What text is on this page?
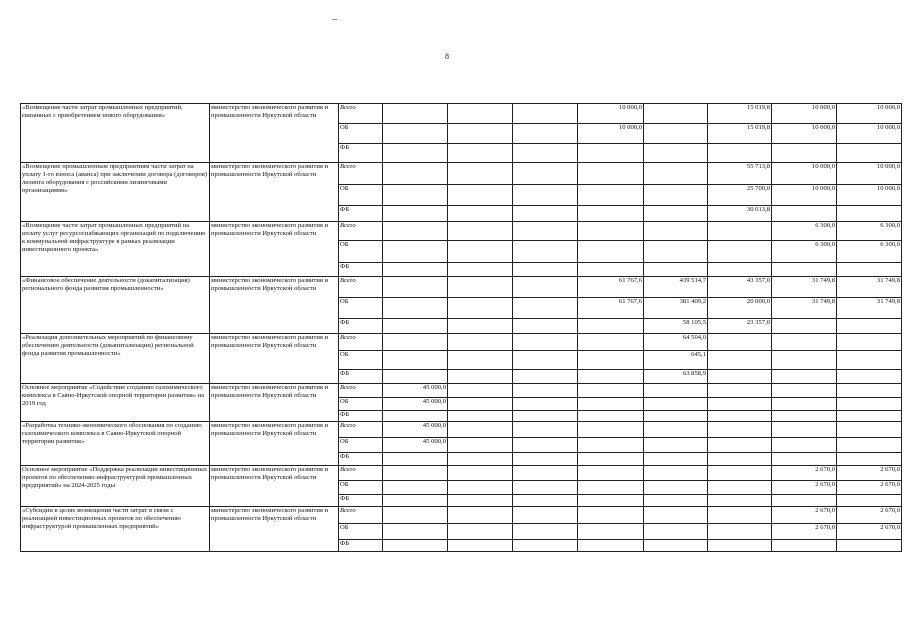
–
8
«Возмещение части затрат промышленных предприятий, связанных с приобретением нового оборудования»	министерство экономического развития и промышленности Иркутской области	Всего				10 000,0		15 019,8	10 000,0	10 000,0
		ОБ				10 000,0		15 019,8	10 000,0	10 000,0
		ФБ								
«Возмещение промышленным предприятиям части затрат на уплату 1-го взноса (аванса) при заключении договора (договоров) лизинга оборудования с российскими лизинговыми организациями»	министерство экономического развития и промышленности Иркутской области	Всего						55 713,8	10 000,0	10 000,0
		ОБ						25 700,0	10 000,0	10 000,0
		ФБ						30 013,8		
«Возмещение части затрат промышленных предприятий на оплату услуг ресурсоснабжающих организаций по подключению к коммунальной инфраструктуре в рамках реализации инвестиционного проекта»	министерство экономического развития и промышленности Иркутской области	Всего							6 300,0	6 300,0
		ОБ							6 300,0	6 300,0
		ФБ								
«Финансовое обеспечение деятельности (докапитализация) регионального фонда развития промышленности»	министерство экономического развития и промышленности Иркутской области	Всего				61 767,6	439 514,7	43 357,0	31 749,8	31 749,8
		ОБ				61 767,6	381 409,2	20 000,0	31 749,8	31 749,8
		ФБ					58 105,5	23 357,0		
«Реализация дополнительных мероприятий по финансовому обеспечению деятельности (докапитализации) региональной фонда развития промышленности»	министерство экономического развития и промышленности Иркутской области	Всего					64 504,0			
		ОБ					645,1			
		ФБ					63 858,9			
Основное мероприятие «Содействие созданию газохимического комплекса в Саяно-Иркутской опорной территории развития» на 2019 год	министерство экономического развития и промышленности Иркутской области	Всего	45 000,0							
		ОБ	45 000,0							
		ФБ								
«Разработка технико-экономического обоснования по созданию газохимического комплекса в Саяно-Иркутской опорной территории развития»	министерство экономического развития и промышленности Иркутской области	Всего	45 000,0							
		ОБ	45 000,0							
		ФБ								
Основное мероприятие «Поддержка реализации инвестиционных проектов по обеспечению инфраструктурой промышленных предприятий» на 2024-2025 годы	министерство экономического развития и промышленности Иркутской области	Всего							2 670,0	2 670,0
		ОБ							2 670,0	2 670,0
		ФБ								
«Субсидии в целях возмещения части затрат в связи с реализацией инвестиционных проектов по обеспечению инфраструктурой промышленных предприятий»	министерство экономического развития и промышленности Иркутской области	Всего							2 670,0	2 670,0
		ОБ							2 670,0	2 670,0
		ФБ								
